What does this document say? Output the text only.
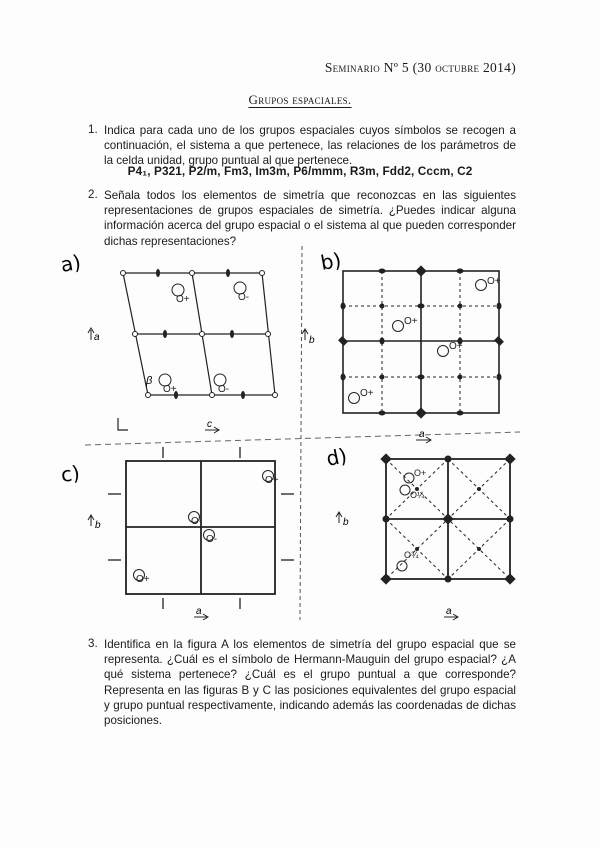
Seminario Nº 5 (30 octubre 2014)
Grupos espaciales.
1. Indica para cada uno de los grupos espaciales cuyos símbolos se recogen a continuación, el sistema a que pertenece, las relaciones de los parámetros de la celda unidad, grupo puntual al que pertenece.
P4₁, P321, P2/m, Fm3, Im3m, P6/mmm, R3m, Fdd2, Cccm, C2
2. Señala todos los elementos de simetría que reconozcas en las siguientes representaciones de grupos espaciales de simetría. ¿Puedes indicar alguna información acerca del grupo espacial o el sistema al que pueden corresponder dichas representaciones?
a)
O+	O-
O+	O-
β
a
c
b)
O+
O+
O+
O+
b
a
c)	O+
O-
O-
O+
b
a
d)
O+
O¼
O¾
b
a
3. Identifica en la figura A los elementos de simetría del grupo espacial que se representa. ¿Cuál es el símbolo de Hermann-Mauguin del grupo espacial? ¿A qué sistema pertenece? ¿Cuál es el grupo puntual a que corresponde? Representa en las figuras B y C las posiciones equivalentes del grupo espacial y grupo puntual respectivamente, indicando además las coordenadas de dichas posiciones.
